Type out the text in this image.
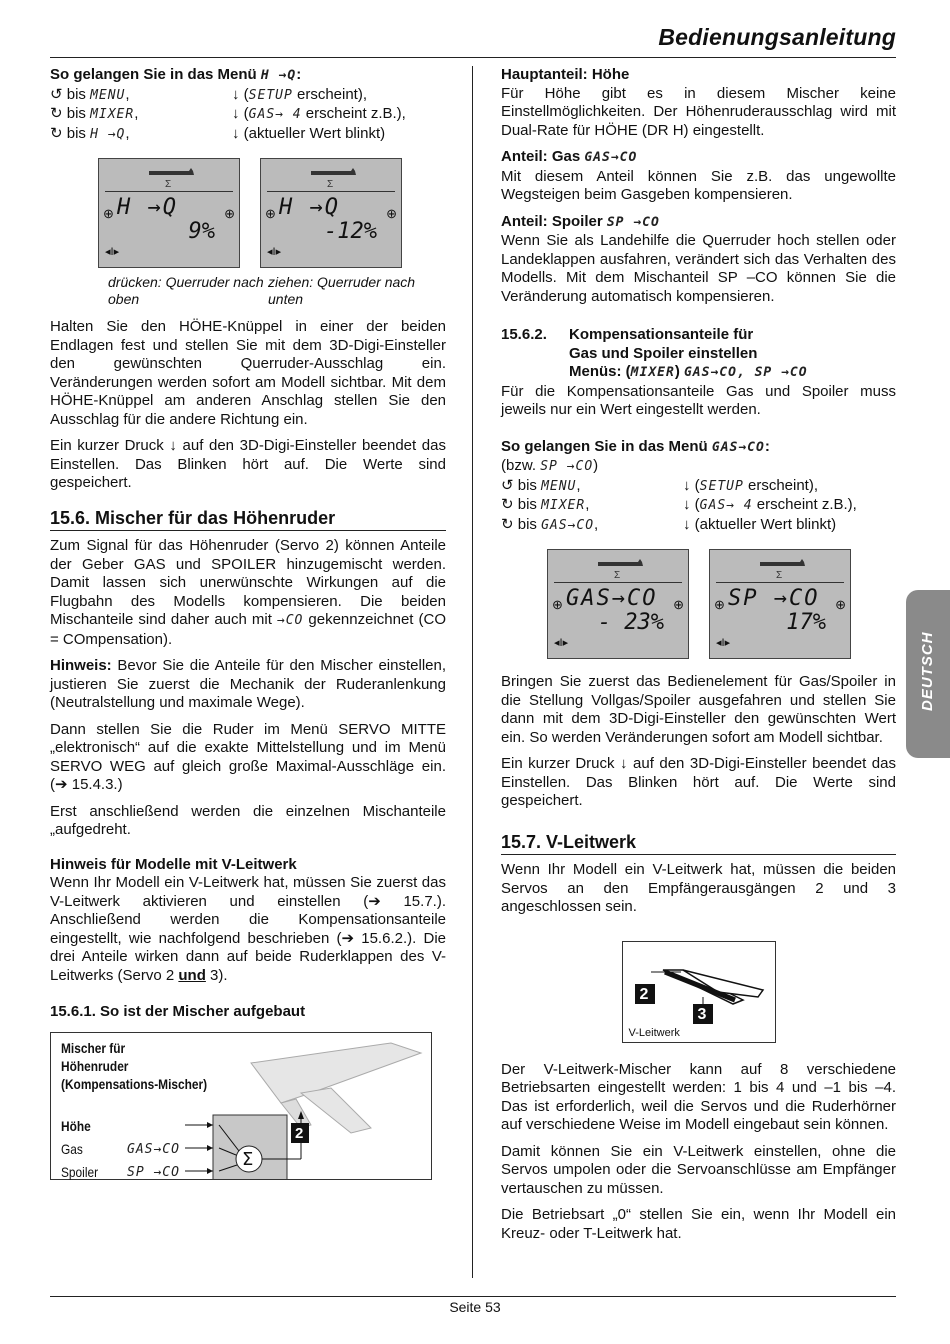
Bedienungsanleitung
So gelangen Sie in das Menü H →Q:
↺ bis MENU,	↓ (SETUP erscheint),
↻ bis MIXER,	↓ (GAS→ 4 erscheint z.B.),
↻ bis H →Q,	↓ (aktueller Wert blinkt)
Σ
⊕	⊕
H →Q
9%
◂I▸
Σ
⊕	⊕
H →Q
-12%
◂I▸
drücken: Querruder nach oben
ziehen: Querruder nach unten

Halten Sie den HÖHE-Knüppel in einer der beiden Endlagen fest und stellen Sie mit dem 3D-Digi-Einsteller den gewünschten Querruder-Ausschlag ein. Veränderungen werden sofort am Modell sichtbar. Mit dem HÖHE-Knüppel am anderen Anschlag stellen Sie den Ausschlag für die andere Richtung ein.

Ein kurzer Druck ↓ auf den 3D-Digi-Einsteller beendet das Einstellen. Das Blinken hört auf. Die Werte sind gespeichert.

15.6. Mischer für das Höhenruder

Zum Signal für das Höhenruder (Servo 2) können Anteile der Geber GAS und SPOILER hinzugemischt werden. Damit lassen sich unerwünschte Wirkungen auf die Flugbahn des Modells kompensieren. Die beiden Mischanteile sind daher auch mit →CO gekennzeichnet (CO = COmpensation).

Hinweis: Bevor Sie die Anteile für den Mischer einstellen, justieren Sie zuerst die Mechanik der Ruderanlenkung (Neutralstellung und maximale Wege).

Dann stellen Sie die Ruder im Menü SERVO MITTE „elektronisch“ auf die exakte Mittelstellung und im Menü SERVO WEG auf gleich große Maximal-Ausschläge ein. (➔ 15.4.3.)

Erst anschließend werden die einzelnen Mischanteile „aufgedreht.

Hinweis für Modelle mit V-Leitwerk

Wenn Ihr Modell ein V-Leitwerk hat, müssen Sie zuerst das V-Leitwerk aktivieren und einstellen (➔ 15.7.). Anschließend werden die Kompensationsanteile eingestellt, wie nachfolgend beschrieben (➔ 15.6.2.). Die drei Anteile wirken dann auf beide Ruderklappen des V-Leitwerks (Servo 2 und 3).

15.6.1. So ist der Mischer aufgebaut
Σ
Mischer für
Höhenruder
(Kompensations-Mischer)
Höhe
Gas
Spoiler
GAS→CO
SP →CO
2
Hauptanteil: Höhe

Für Höhe gibt es in diesem Mischer keine Einstellmöglichkeiten. Der Höhenruderausschlag wird mit Dual-Rate für HÖHE (DR H) eingestellt.

Anteil: Gas GAS→CO

Mit diesem Anteil können Sie z.B. das ungewollte Wegsteigen beim Gasgeben kompensieren.

Anteil: Spoiler SP →CO

Wenn Sie als Landehilfe die Querruder hoch stellen oder Landeklappen ausfahren, verändert sich das Verhalten des Modells. Mit dem Mischanteil SP –CO können Sie die Veränderung automatisch kompensieren.

15.6.2.	Kompensationsanteile für
Gas und Spoiler einstellen
Menüs: (MIXER) GAS→CO, SP →CO

Für die Kompensationsanteile Gas und Spoiler muss jeweils nur ein Wert eingestellt werden.

So gelangen Sie in das Menü GAS→CO:
(bzw. SP →CO)
↺ bis MENU,	↓ (SETUP erscheint),
↻ bis MIXER,	↓ (GAS→ 4 erscheint z.B.),
↻ bis GAS→CO,	↓ (aktueller Wert blinkt)
Σ
⊕	⊕
GAS→CO
- 23%
◂I▸
Σ
⊕	⊕
SP →CO
17%
◂I▸

Bringen Sie zuerst das Bedienelement für Gas/Spoiler in die Stellung Vollgas/Spoiler ausgefahren und stellen Sie dann mit dem 3D-Digi-Einsteller den gewünschten Wert ein. So werden Veränderungen sofort am Modell sichtbar.

Ein kurzer Druck ↓ auf den 3D-Digi-Einsteller beendet das Einstellen. Das Blinken hört auf. Die Werte sind gespeichert.

15.7. V-Leitwerk

Wenn Ihr Modell ein V-Leitwerk hat, müssen die beiden Servos an den Empfängerausgängen 2 und 3 angeschlossen sein.

2
3
V-Leitwerk

Der V-Leitwerk-Mischer kann auf 8 verschiedene Betriebsarten eingestellt werden: 1 bis 4 und –1 bis –4. Das ist erforderlich, weil die Servos und die Ruderhörner auf verschiedene Weise im Modell eingebaut sein können.

Damit können Sie ein V-Leitwerk einstellen, ohne die Servos umpolen oder die Servoanschlüsse am Empfänger vertauschen zu müssen.

Die Betriebsart „0“ stellen Sie ein, wenn Ihr Modell ein Kreuz- oder T-Leitwerk hat.

DEUTSCH
Seite 53
